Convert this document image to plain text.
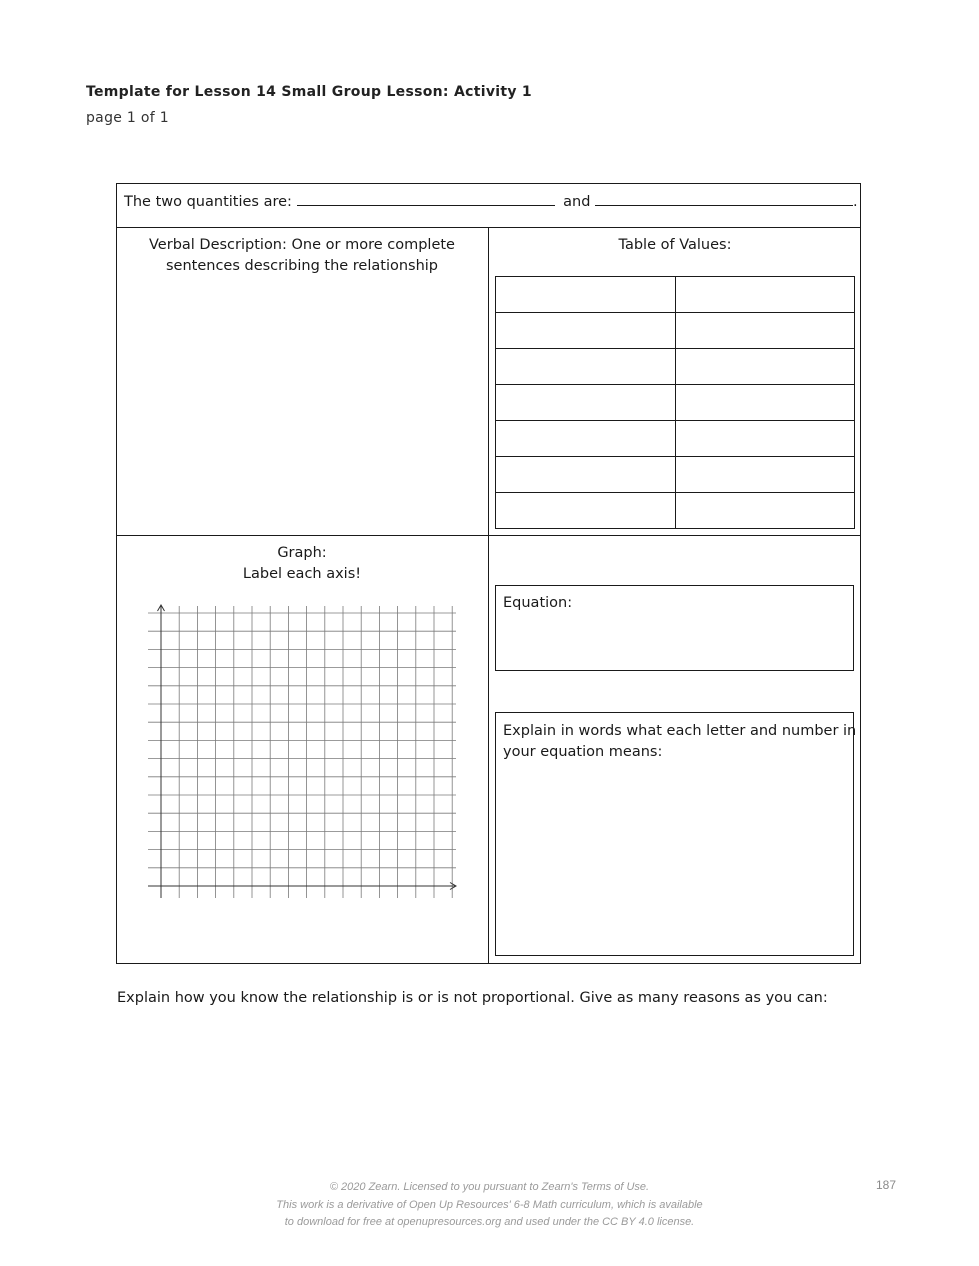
Template for Lesson 14 Small Group Lesson: Activity 1
page 1 of 1
The two quantities are:	and	.
Verbal Description: One or more complete
sentences describing the relationship
Table of Values:
Graph:
Label each axis!
Equation:
Explain in words what each letter and number in
your equation means:
Explain how you know the relationship is or is not proportional. Give as many reasons as you can:
© 2020 Zearn. Licensed to you pursuant to Zearn's Terms of Use.
This work is a derivative of Open Up Resources' 6-8 Math curriculum, which is available
to download for free at openupresources.org and used under the CC BY 4.0 license.
187
